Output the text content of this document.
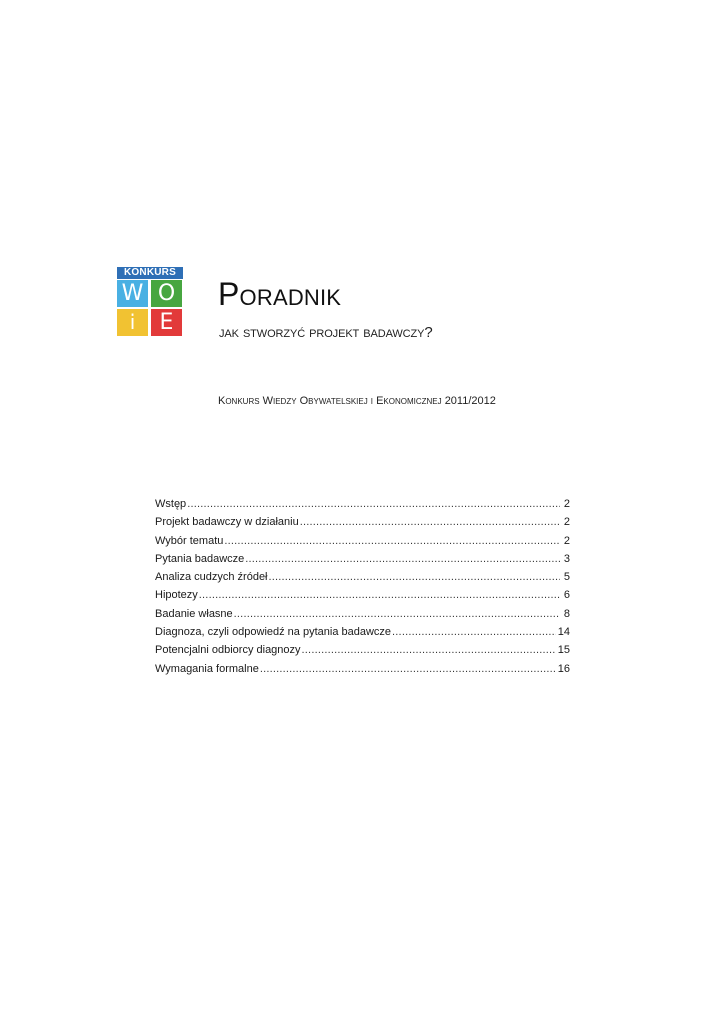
KONKURS
W O
i	E
Poradnik
jak stworzyć projekt badawczy?
Konkurs Wiedzy Obywatelskiej i Ekonomicznej 2011/2012
Wstęp .....	2
Projekt badawczy w działaniu .....	2
Wybór tematu .....	2
Pytania badawcze .....	3
Analiza cudzych źródeł .....	5
Hipotezy .....	6
Badanie własne .....	8
Diagnoza, czyli odpowiedź na pytania badawcze .....	14
Potencjalni odbiorcy diagnozy .....	15
Wymagania formalne .....	16
